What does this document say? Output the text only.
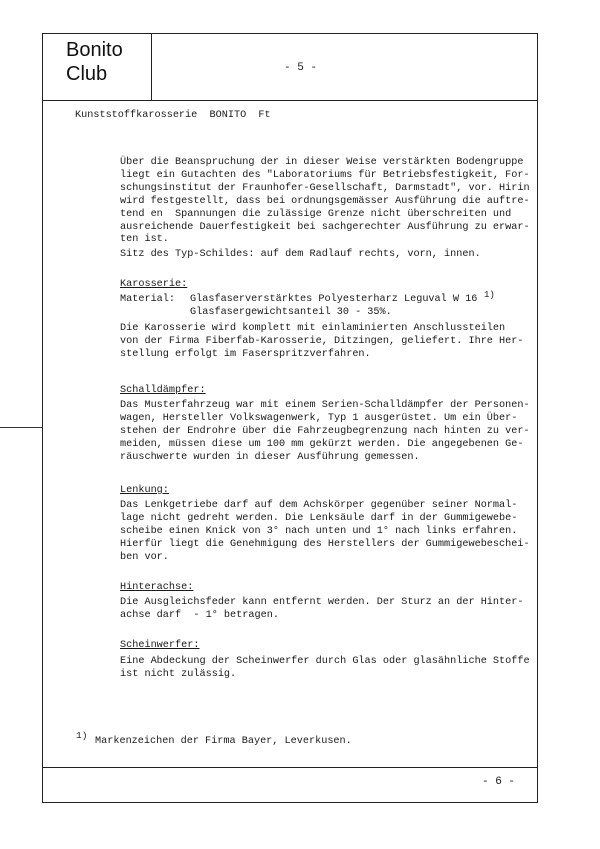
Bonito
Club	- 5 -
- 6 -
Kunststoffkarosserie  BONITO  Ft
Über die Beanspruchung der in dieser Weise verstärkten Bodengruppe
liegt ein Gutachten des "Laboratoriums für Betriebsfestigkeit, For-
schungsinstitut der Fraunhofer-Gesellschaft, Darmstadt", vor. Hirin
wird festgestellt, dass bei ordnungsgemässer Ausführung die auftre-
tend en  Spannungen die zulässige Grenze nicht überschreiten und
ausreichende Dauerfestigkeit bei sachgerechter Ausführung zu erwar-
ten ist.
Sitz des Typ-Schildes: auf dem Radlauf rechts, vorn, innen.
Karosserie:
Material: Glasfaserverstärktes Polyesterharz Leguval W 16 1)
Glasfasergewichtsanteil 30 - 35%.
Die Karosserie wird komplett mit einlaminierten Anschlussteilen
von der Firma Fiberfab-Karosserie, Ditzingen, geliefert. Ihre Her-
stellung erfolgt im Faserspritzverfahren.
Schalldämpfer:
Das Musterfahrzeug war mit einem Serien-Schalldämpfer der Personen-
wagen, Hersteller Volkswagenwerk, Typ 1 ausgerüstet. Um ein Über-
stehen der Endrohre über die Fahrzeugbegrenzung nach hinten zu ver-
meiden, müssen diese um 100 mm gekürzt werden. Die angegebenen Ge-
räuschwerte wurden in dieser Ausführung gemessen.
Lenkung:
Das Lenkgetriebe darf auf dem Achskörper gegenüber seiner Normal-
lage nicht gedreht werden. Die Lenksäule darf in der Gummigewebe-
scheibe einen Knick von 3° nach unten und 1° nach links erfahren.
Hierfür liegt die Genehmigung des Herstellers der Gummigewebeschei-
ben vor.
Hinterachse:
Die Ausgleichsfeder kann entfernt werden. Der Sturz an der Hinter-
achse darf  - 1° betragen.
Scheinwerfer:
Eine Abdeckung der Scheinwerfer durch Glas oder glasähnliche Stoffe
ist nicht zulässig.
1)
Markenzeichen der Firma Bayer, Leverkusen.
